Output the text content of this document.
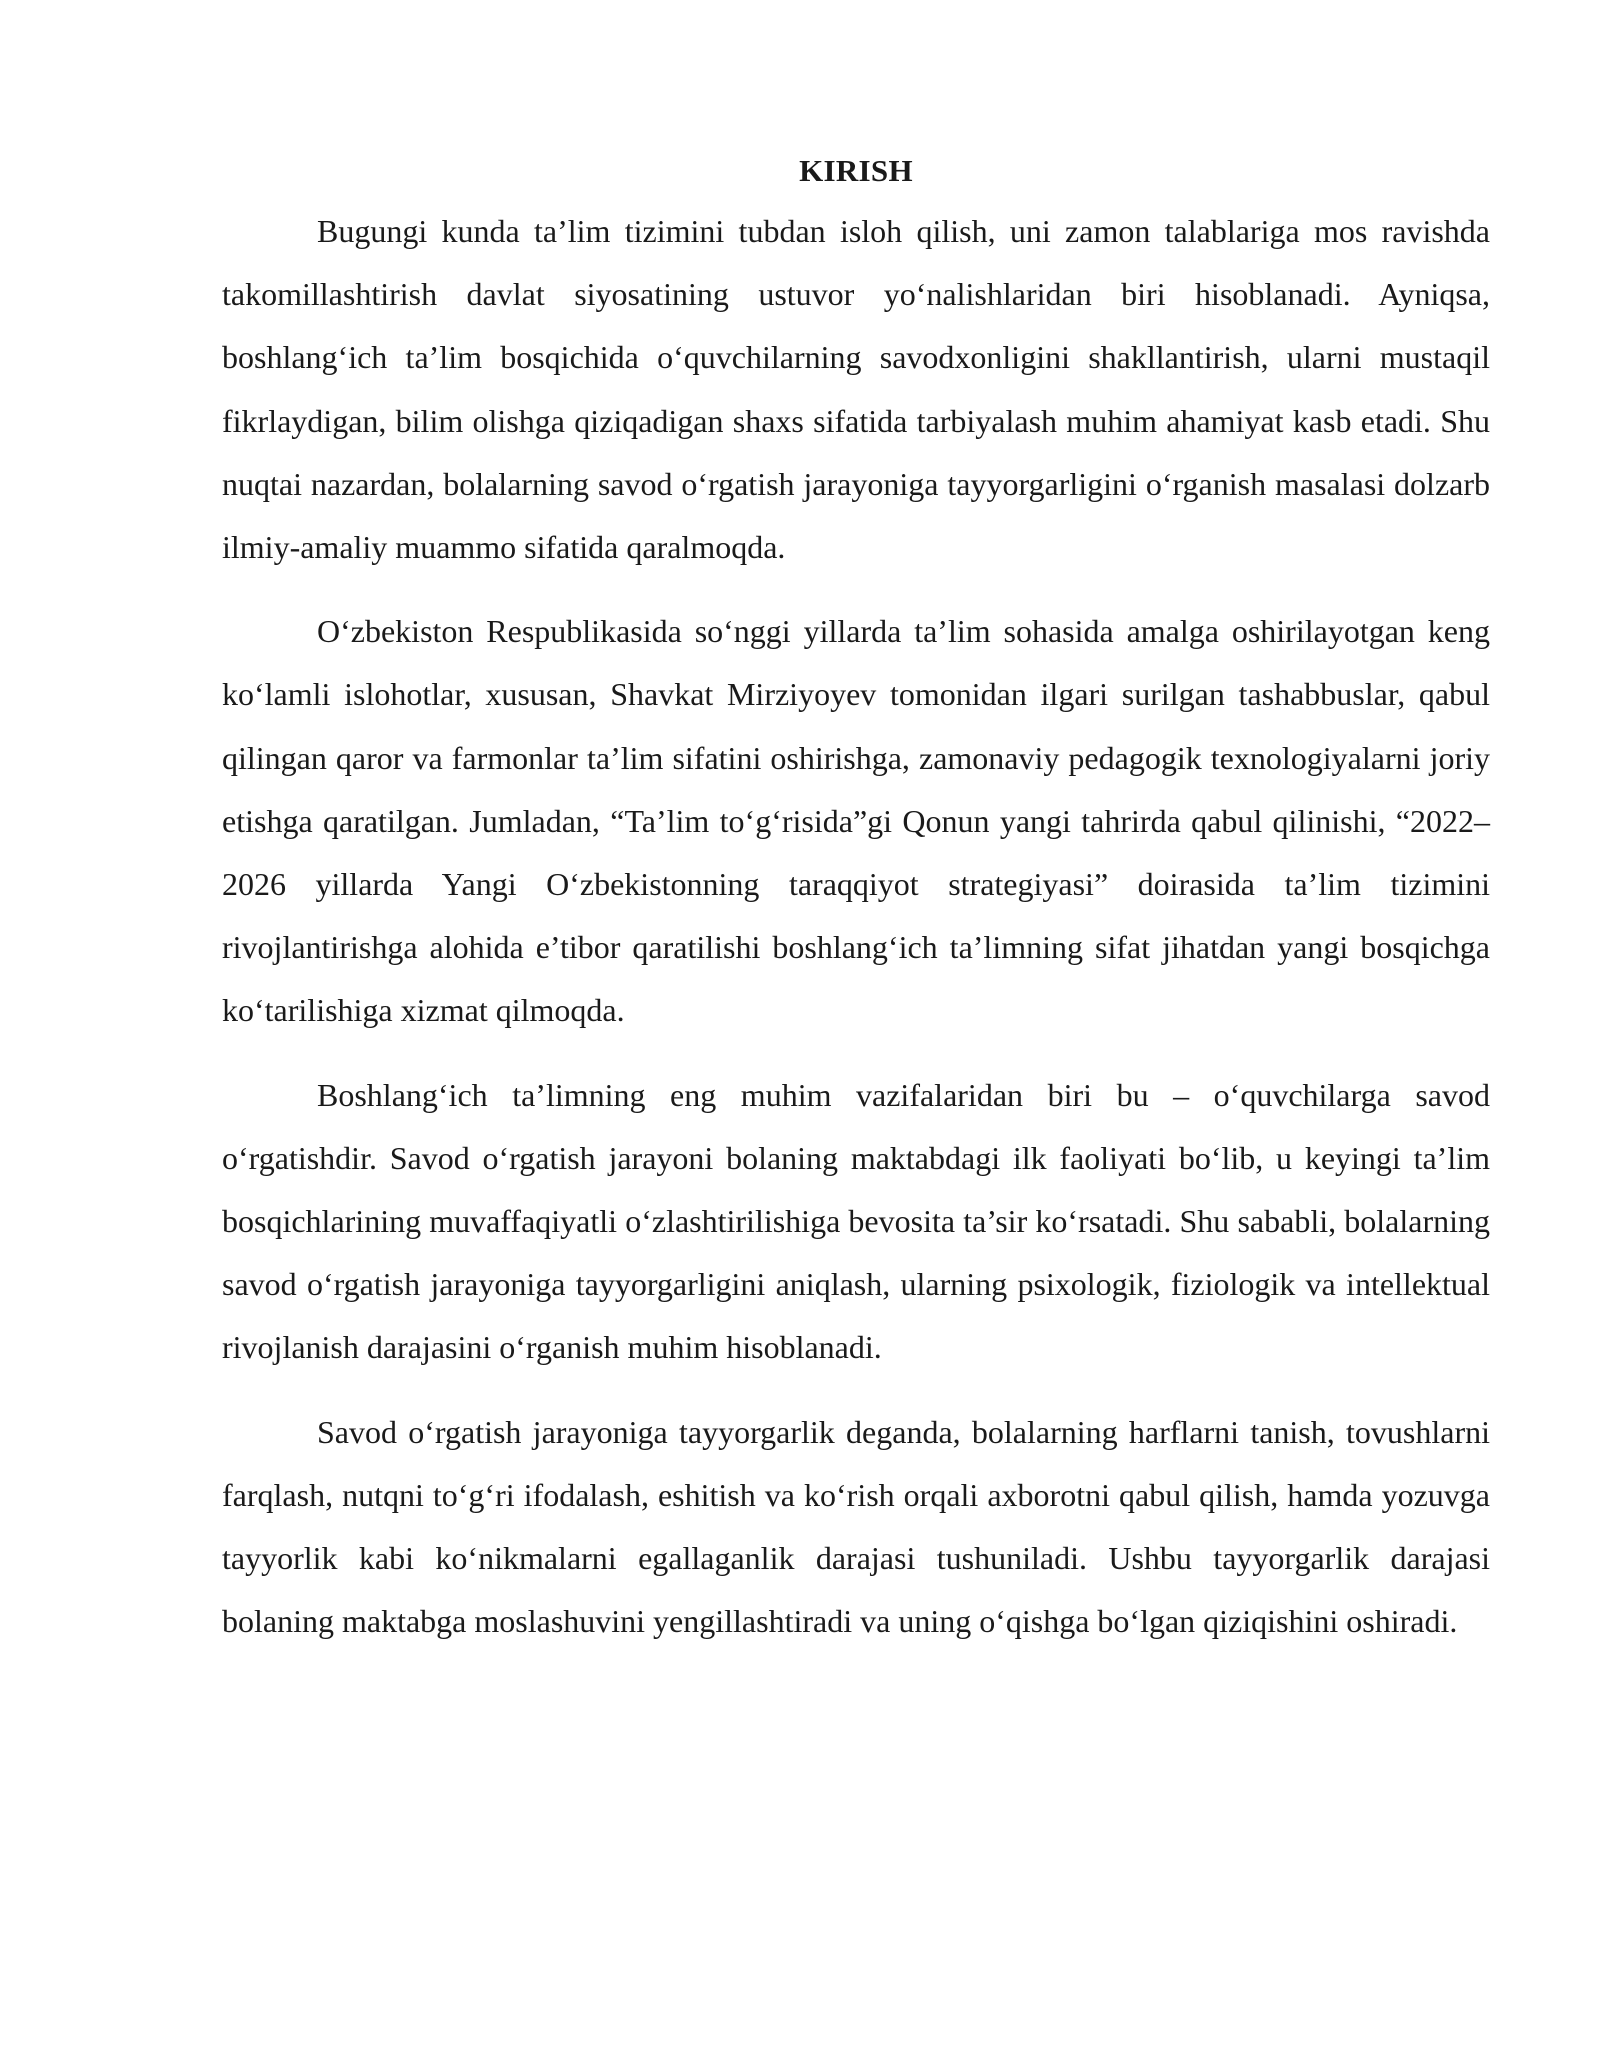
KIRISH

Bugungi kunda ta’lim tizimini tubdan isloh qilish, uni zamon talablariga mos ravishda takomillashtirish davlat siyosatining ustuvor yo‘nalishlaridan biri hisoblanadi. Ayniqsa, boshlang‘ich ta’lim bosqichida o‘quvchilarning savodxonligini shakllantirish, ularni mustaqil fikrlaydigan, bilim olishga qiziqadigan shaxs sifatida tarbiyalash muhim ahamiyat kasb etadi. Shu nuqtai nazardan, bolalarning savod o‘rgatish jarayoniga tayyorgarligini o‘rganish masalasi dolzarb ilmiy-amaliy muammo sifatida qaralmoqda.

O‘zbekiston Respublikasida so‘nggi yillarda ta’lim sohasida amalga oshirilayotgan keng ko‘lamli islohotlar, xususan, Shavkat Mirziyoyev tomonidan ilgari surilgan tashabbuslar, qabul qilingan qaror va farmonlar ta’lim sifatini oshirishga, zamonaviy pedagogik texnologiyalarni joriy etishga qaratilgan. Jumladan, “Ta’lim to‘g‘risida”gi Qonun yangi tahrirda qabul qilinishi, “2022–2026 yillarda Yangi O‘zbekistonning taraqqiyot strategiyasi” doirasida ta’lim tizimini rivojlantirishga alohida e’tibor qaratilishi boshlang‘ich ta’limning sifat jihatdan yangi bosqichga ko‘tarilishiga xizmat qilmoqda.

Boshlang‘ich ta’limning eng muhim vazifalaridan biri bu – o‘quvchilarga savod o‘rgatishdir. Savod o‘rgatish jarayoni bolaning maktabdagi ilk faoliyati bo‘lib, u keyingi ta’lim bosqichlarining muvaffaqiyatli o‘zlashtirilishiga bevosita ta’sir ko‘rsatadi. Shu sababli, bolalarning savod o‘rgatish jarayoniga tayyorgarligini aniqlash, ularning psixologik, fiziologik va intellektual rivojlanish darajasini o‘rganish muhim hisoblanadi.

Savod o‘rgatish jarayoniga tayyorgarlik deganda, bolalarning harflarni tanish, tovushlarni farqlash, nutqni to‘g‘ri ifodalash, eshitish va ko‘rish orqali axborotni qabul qilish, hamda yozuvga tayyorlik kabi ko‘nikmalarni egallaganlik darajasi tushuniladi. Ushbu tayyorgarlik darajasi bolaning maktabga moslashuvini yengillashtiradi va uning o‘qishga bo‘lgan qiziqishini oshiradi.
